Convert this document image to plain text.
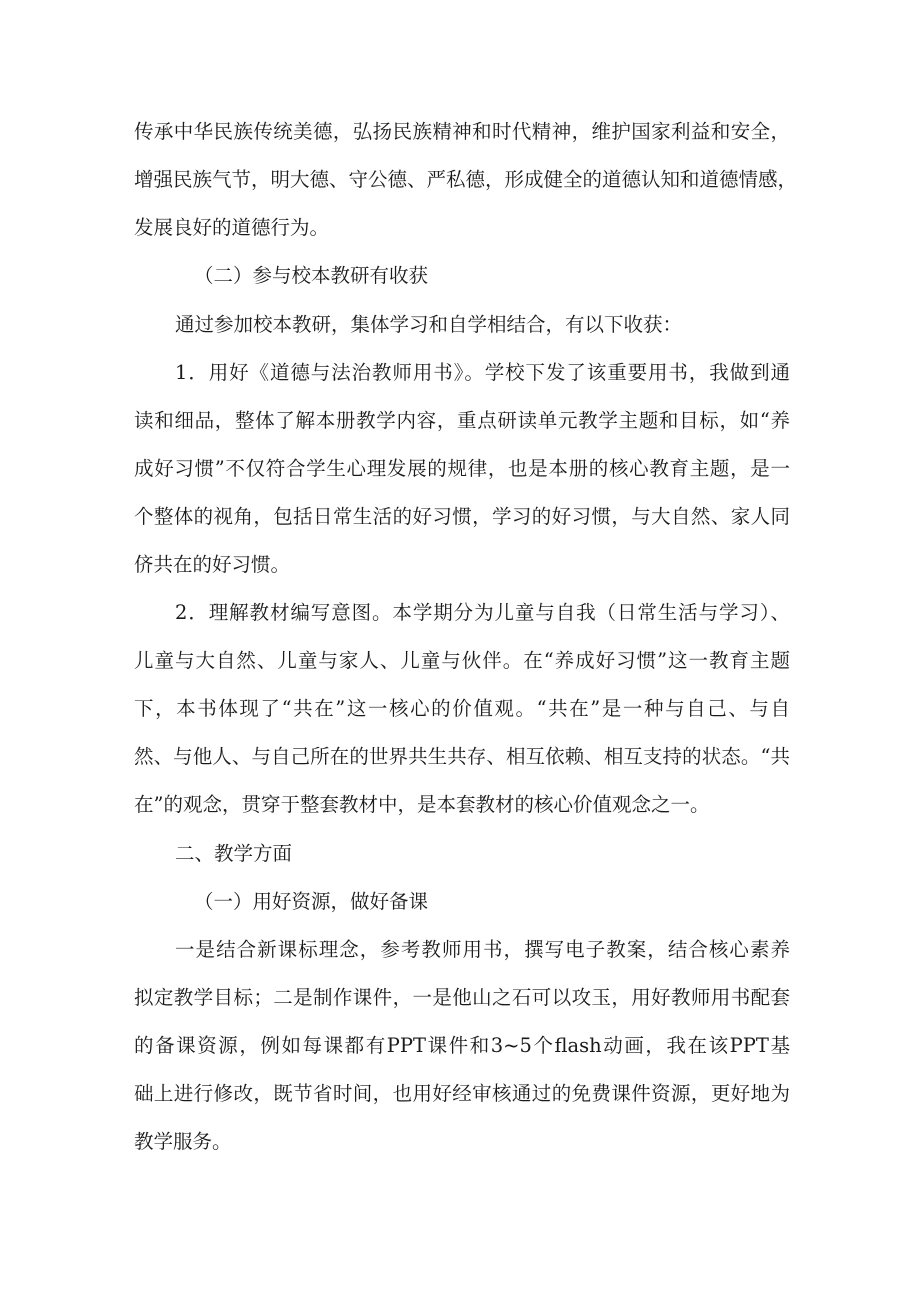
传承中华民族传统美德，弘扬民族精神和时代精神，维护国家利益和安全，
增强民族气节，明大德、守公德、严私德，形成健全的道德认知和道德情感，
发展良好的道德行为。
（二）参与校本教研有收获
通过参加校本教研，集体学习和自学相结合，有以下收获：
1．用好《道德与法治教师用书》。学校下发了该重要用书，我做到通
读和细品，整体了解本册教学内容，重点研读单元教学主题和目标，如“养
成好习惯”不仅符合学生心理发展的规律，也是本册的核心教育主题，是一
个整体的视角，包括日常生活的好习惯，学习的好习惯，与大自然、家人同
侪共在的好习惯。
2．理解教材编写意图。本学期分为儿童与自我（日常生活与学习）、
儿童与大自然、儿童与家人、儿童与伙伴。在“养成好习惯”这一教育主题
下，本书体现了“共在”这一核心的价值观。“共在”是一种与自己、与自
然、与他人、与自己所在的世界共生共存、相互依赖、相互支持的状态。“共
在”的观念，贯穿于整套教材中，是本套教材的核心价值观念之一。
二、教学方面
（一）用好资源，做好备课
一是结合新课标理念，参考教师用书，撰写电子教案，结合核心素养
拟定教学目标；二是制作课件，一是他山之石可以攻玉，用好教师用书配套
的备课资源，例如每课都有PPT课件和3~5个flash动画，我在该PPT基
础上进行修改，既节省时间，也用好经审核通过的免费课件资源，更好地为
教学服务。
